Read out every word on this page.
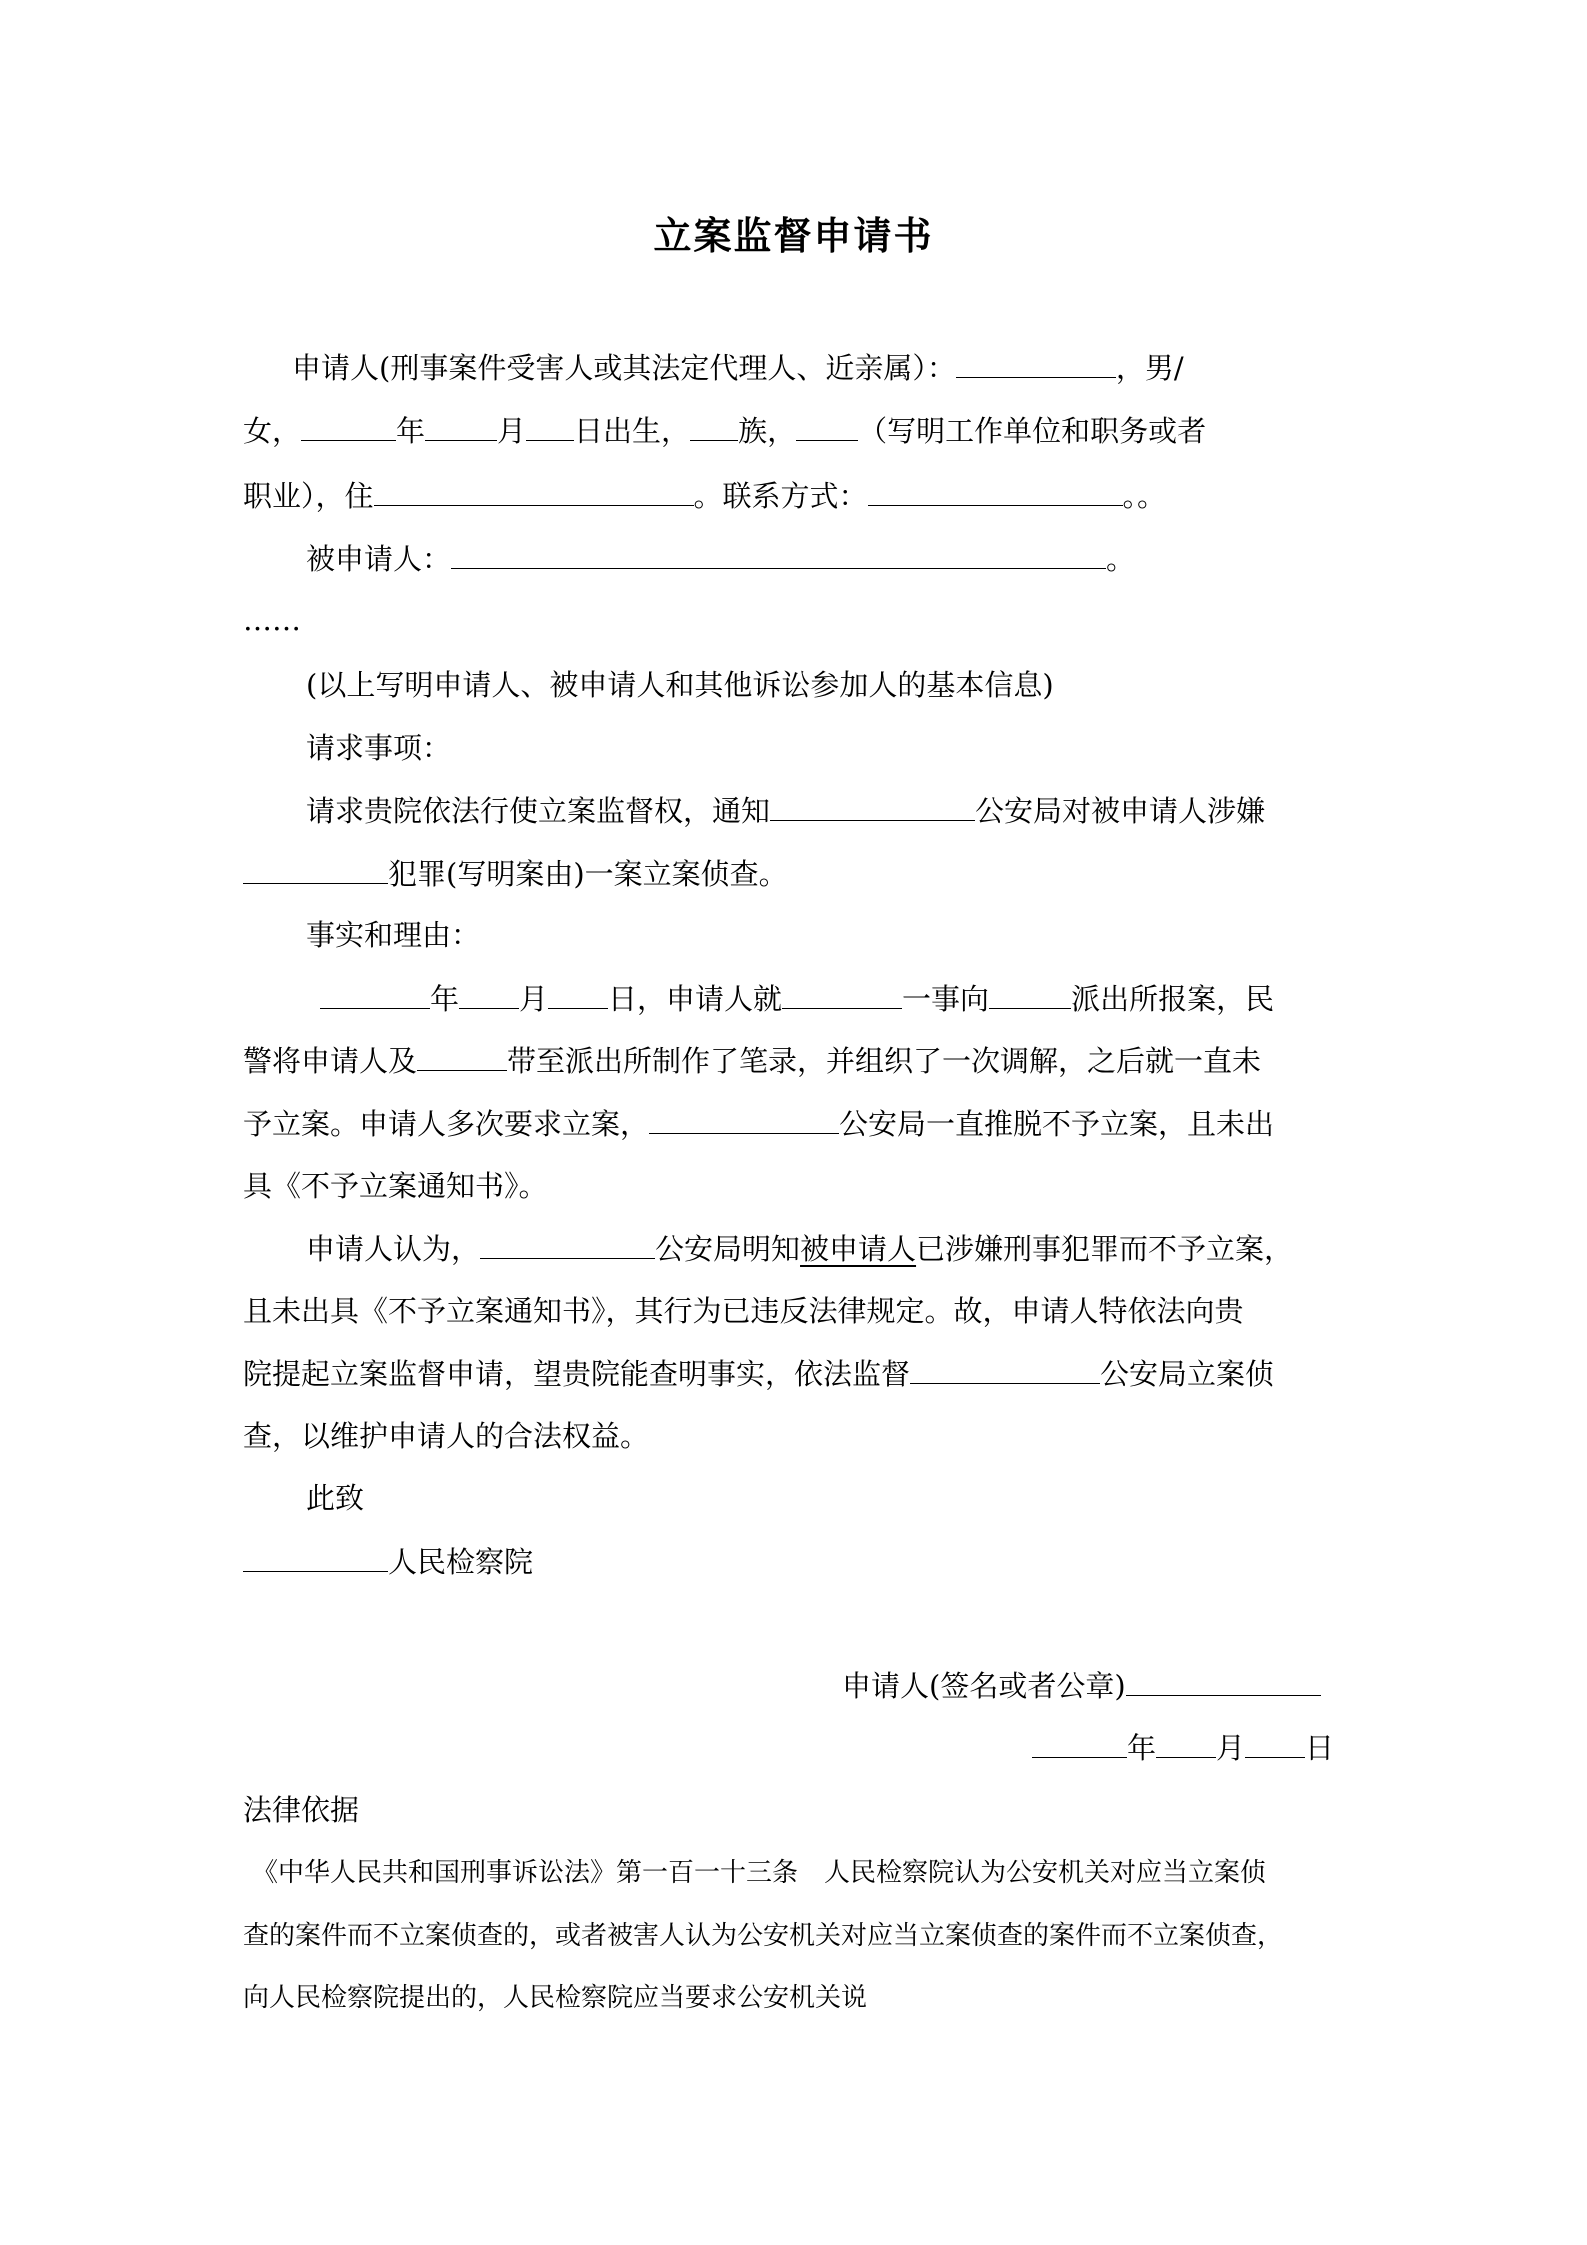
立案监督申请书
申请人(刑事案件受害人或其法定代理人、近亲属）：	，男/
女，	年 月 日出生， 族， （写明工作单位和职务或者
职业），住	。联系方式：	。。
被申请人：	。
……
(以上写明申请人、被申请人和其他诉讼参加人的基本信息)
请求事项：
请求贵院依法行使立案监督权，通知	公安局对被申请人涉嫌
犯罪(写明案由)一案立案侦查。
事实和理由：
年 月 日，申请人就	一事向	派出所报案，民
警将申请人及	带至派出所制作了笔录，并组织了一次调解，之后就一直未
予立案。申请人多次要求立案，	公安局一直推脱不予立案，且未出
具《不予立案通知书》。
申请人认为，	公安局明知被申请人已涉嫌刑事犯罪而不予立案，
且未出具《不予立案通知书》，其行为已违反法律规定。故，申请人特依法向贵
院提起立案监督申请，望贵院能查明事实，依法监督	公安局立案侦
查，以维护申请人的合法权益。
此致
人民检察院
申请人(签名或者公章)
年 月 日
法律依据
《中华人民共和国刑事诉讼法》第一百一十三条　人民检察院认为公安机关对应当立案侦
查的案件而不立案侦查的，或者被害人认为公安机关对应当立案侦查的案件而不立案侦查，
向人民检察院提出的，人民检察院应当要求公安机关说
